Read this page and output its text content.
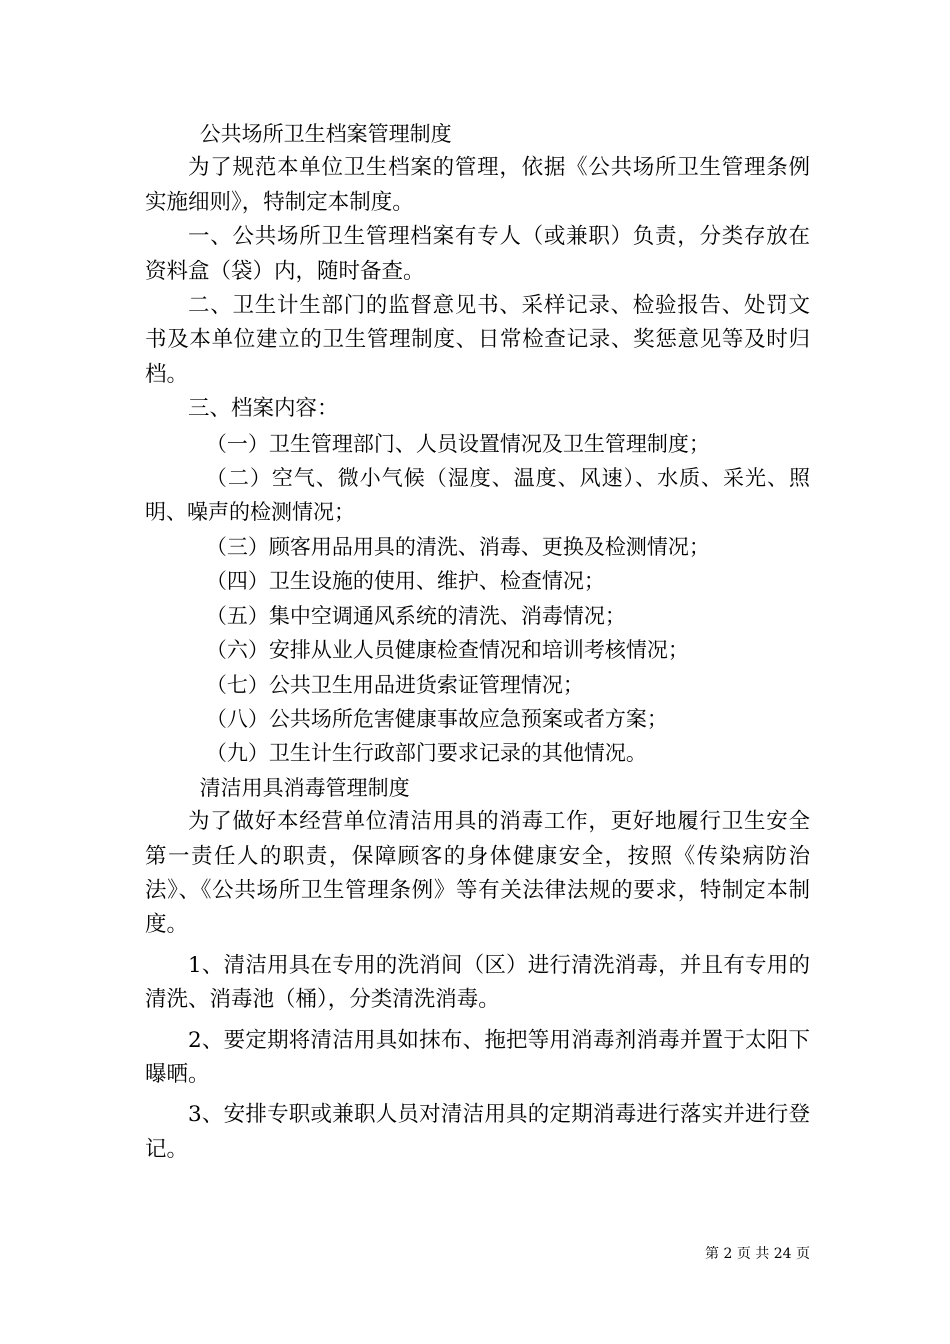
公共场所卫生档案管理制度

为了规范本单位卫生档案的管理，依据《公共场所卫生管理条例实施细则》，特制定本制度。

一、公共场所卫生管理档案有专人（或兼职）负责，分类存放在资料盒（袋）内，随时备查。

二、卫生计生部门的监督意见书、采样记录、检验报告、处罚文书及本单位建立的卫生管理制度、日常检查记录、奖惩意见等及时归档。

三、档案内容：

（一）卫生管理部门、人员设置情况及卫生管理制度；

（二）空气、微小气候（湿度、温度、风速）、水质、采光、照明、噪声的检测情况；

（三）顾客用品用具的清洗、消毒、更换及检测情况；

（四）卫生设施的使用、维护、检查情况；

（五）集中空调通风系统的清洗、消毒情况；

（六）安排从业人员健康检查情况和培训考核情况；

（七）公共卫生用品进货索证管理情况；

（八）公共场所危害健康事故应急预案或者方案；

（九）卫生计生行政部门要求记录的其他情况。

清洁用具消毒管理制度

为了做好本经营单位清洁用具的消毒工作，更好地履行卫生安全第一责任人的职责，保障顾客的身体健康安全，按照《传染病防治法》、《公共场所卫生管理条例》等有关法律法规的要求，特制定本制度。

1、清洁用具在专用的洗消间（区）进行清洗消毒，并且有专用的清洗、消毒池（桶），分类清洗消毒。

2、要定期将清洁用具如抹布、拖把等用消毒剂消毒并置于太阳下曝晒。

3、安排专职或兼职人员对清洁用具的定期消毒进行落实并进行登记。

第 2 页 共 24 页
